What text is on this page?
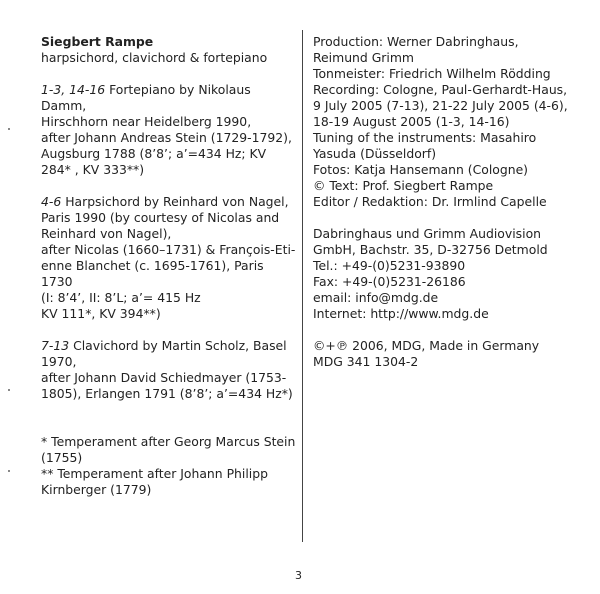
Siegbert Rampe
harpsichord, clavichord & fortepiano
1-3, 14-16 Fortepiano by Nikolaus Damm,
Hirschhorn near Heidelberg 1990,
after Johann Andreas Stein (1729-1792),
Augsburg 1788 (8’8’; a’=434 Hz; KV
284* , KV 333**)
4-6 Harpsichord by Reinhard von Nagel,
Paris 1990 (by courtesy of Nicolas and
Reinhard von Nagel),
after Nicolas (1660–1731) & François-Eti-
enne Blanchet (c. 1695-1761), Paris 1730
(I: 8’4’, II: 8’L; a’= 415 Hz
KV 111*, KV 394**)
7-13 Clavichord by Martin Scholz, Basel
1970,
after Johann David Schiedmayer (1753-
1805), Erlangen 1791 (8’8’; a’=434 Hz*)
* Temperament after Georg Marcus Stein
(1755)
** Temperament after Johann Philipp
Kirnberger (1779)
Production: Werner Dabringhaus,
Reimund Grimm
Tonmeister: Friedrich Wilhelm Rödding
Recording: Cologne, Paul-Gerhardt-Haus,
9 July 2005 (7-13), 21-22 July 2005 (4-6),
18-19 August 2005 (1-3, 14-16)
Tuning of the instruments: Masahiro
Yasuda (Düsseldorf)
Fotos: Katja Hansemann (Cologne)
© Text: Prof. Siegbert Rampe
Editor / Redaktion: Dr. Irmlind Capelle
Dabringhaus und Grimm Audiovision
GmbH, Bachstr. 35, D-32756 Detmold
Tel.: +49-(0)5231-93890
Fax: +49-(0)5231-26186
email: info@mdg.de
Internet: http://www.mdg.de
©+℗ 2006, MDG, Made in Germany
MDG 341 1304-2
3
